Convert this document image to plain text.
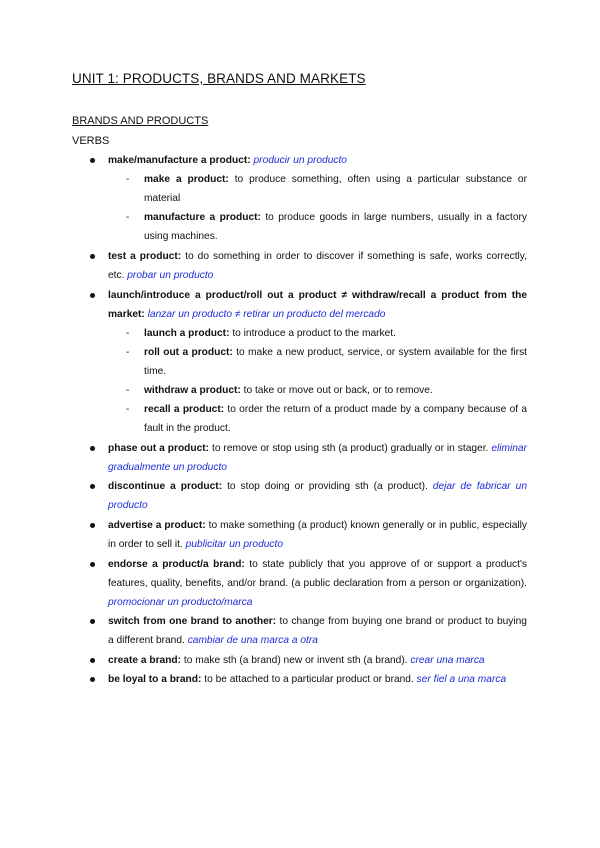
UNIT 1: PRODUCTS, BRANDS AND MARKETS
BRANDS AND PRODUCTS
VERBS
make/manufacture a product: producir un producto
- make a product: to produce something, often using a particular substance or material
- manufacture a product: to produce goods in large numbers, usually in a factory using machines.
test a product: to do something in order to discover if something is safe, works correctly, etc. probar un producto
launch/introduce a product/roll out a product ≠ withdraw/recall a product from the market: lanzar un producto ≠ retirar un producto del mercado
- launch a product: to introduce a product to the market.
- roll out a product: to make a new product, service, or system available for the first time.
- withdraw a product: to take or move out or back, or to remove.
- recall a product: to order the return of a product made by a company because of a fault in the product.
phase out a product: to remove or stop using sth (a product) gradually or in stager. eliminar gradualmente un producto
discontinue a product: to stop doing or providing sth (a product). dejar de fabricar un producto
advertise a product: to make something (a product) known generally or in public, especially in order to sell it. publicitar un producto
endorse a product/a brand: to state publicly that you approve of or support a product's features, quality, benefits, and/or brand. (a public declaration from a person or organization). promocionar un producto/marca
switch from one brand to another: to change from buying one brand or product to buying a different brand. cambiar de una marca a otra
create a brand: to make sth (a brand) new or invent sth (a brand). crear una marca
be loyal to a brand: to be attached to a particular product or brand. ser fiel a una marca
